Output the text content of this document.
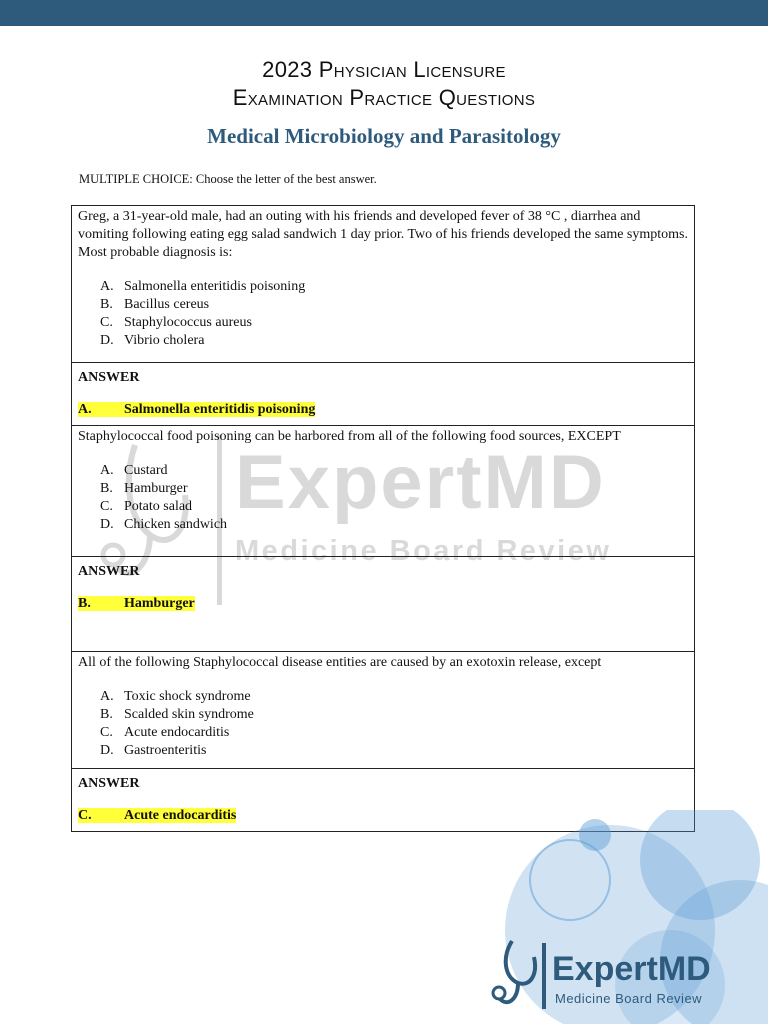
2023 Physician Licensure
Examination Practice Questions
Medical Microbiology and Parasitology
MULTIPLE CHOICE: Choose the letter of the best answer.
ExpertMD
Medicine Board Review

Greg, a 31-year-old male, had an outing with his friends and developed fever of 38 °C , diarrhea and vomiting following eating egg salad sandwich 1 day prior. Two of his friends developed the same symptoms. Most probable diagnosis is:

A. Salmonella enteritidis poisoning
B. Bacillus cereus
C. Staphylococcus aureus
D. Vibrio cholera

ANSWER

A. Salmonella enteritidis poisoning

Staphylococcal food poisoning can be harbored from all of the following food sources, EXCEPT

A. Custard
B. Hamburger
C. Potato salad
D. Chicken sandwich

ANSWER

B. Hamburger

All of the following Staphylococcal disease entities are caused by an exotoxin release, except

A. Toxic shock syndrome
B. Scalded skin syndrome
C. Acute endocarditis
D. Gastroenteritis

ANSWER

C. Acute endocarditis

ExpertMD
Medicine Board Review
